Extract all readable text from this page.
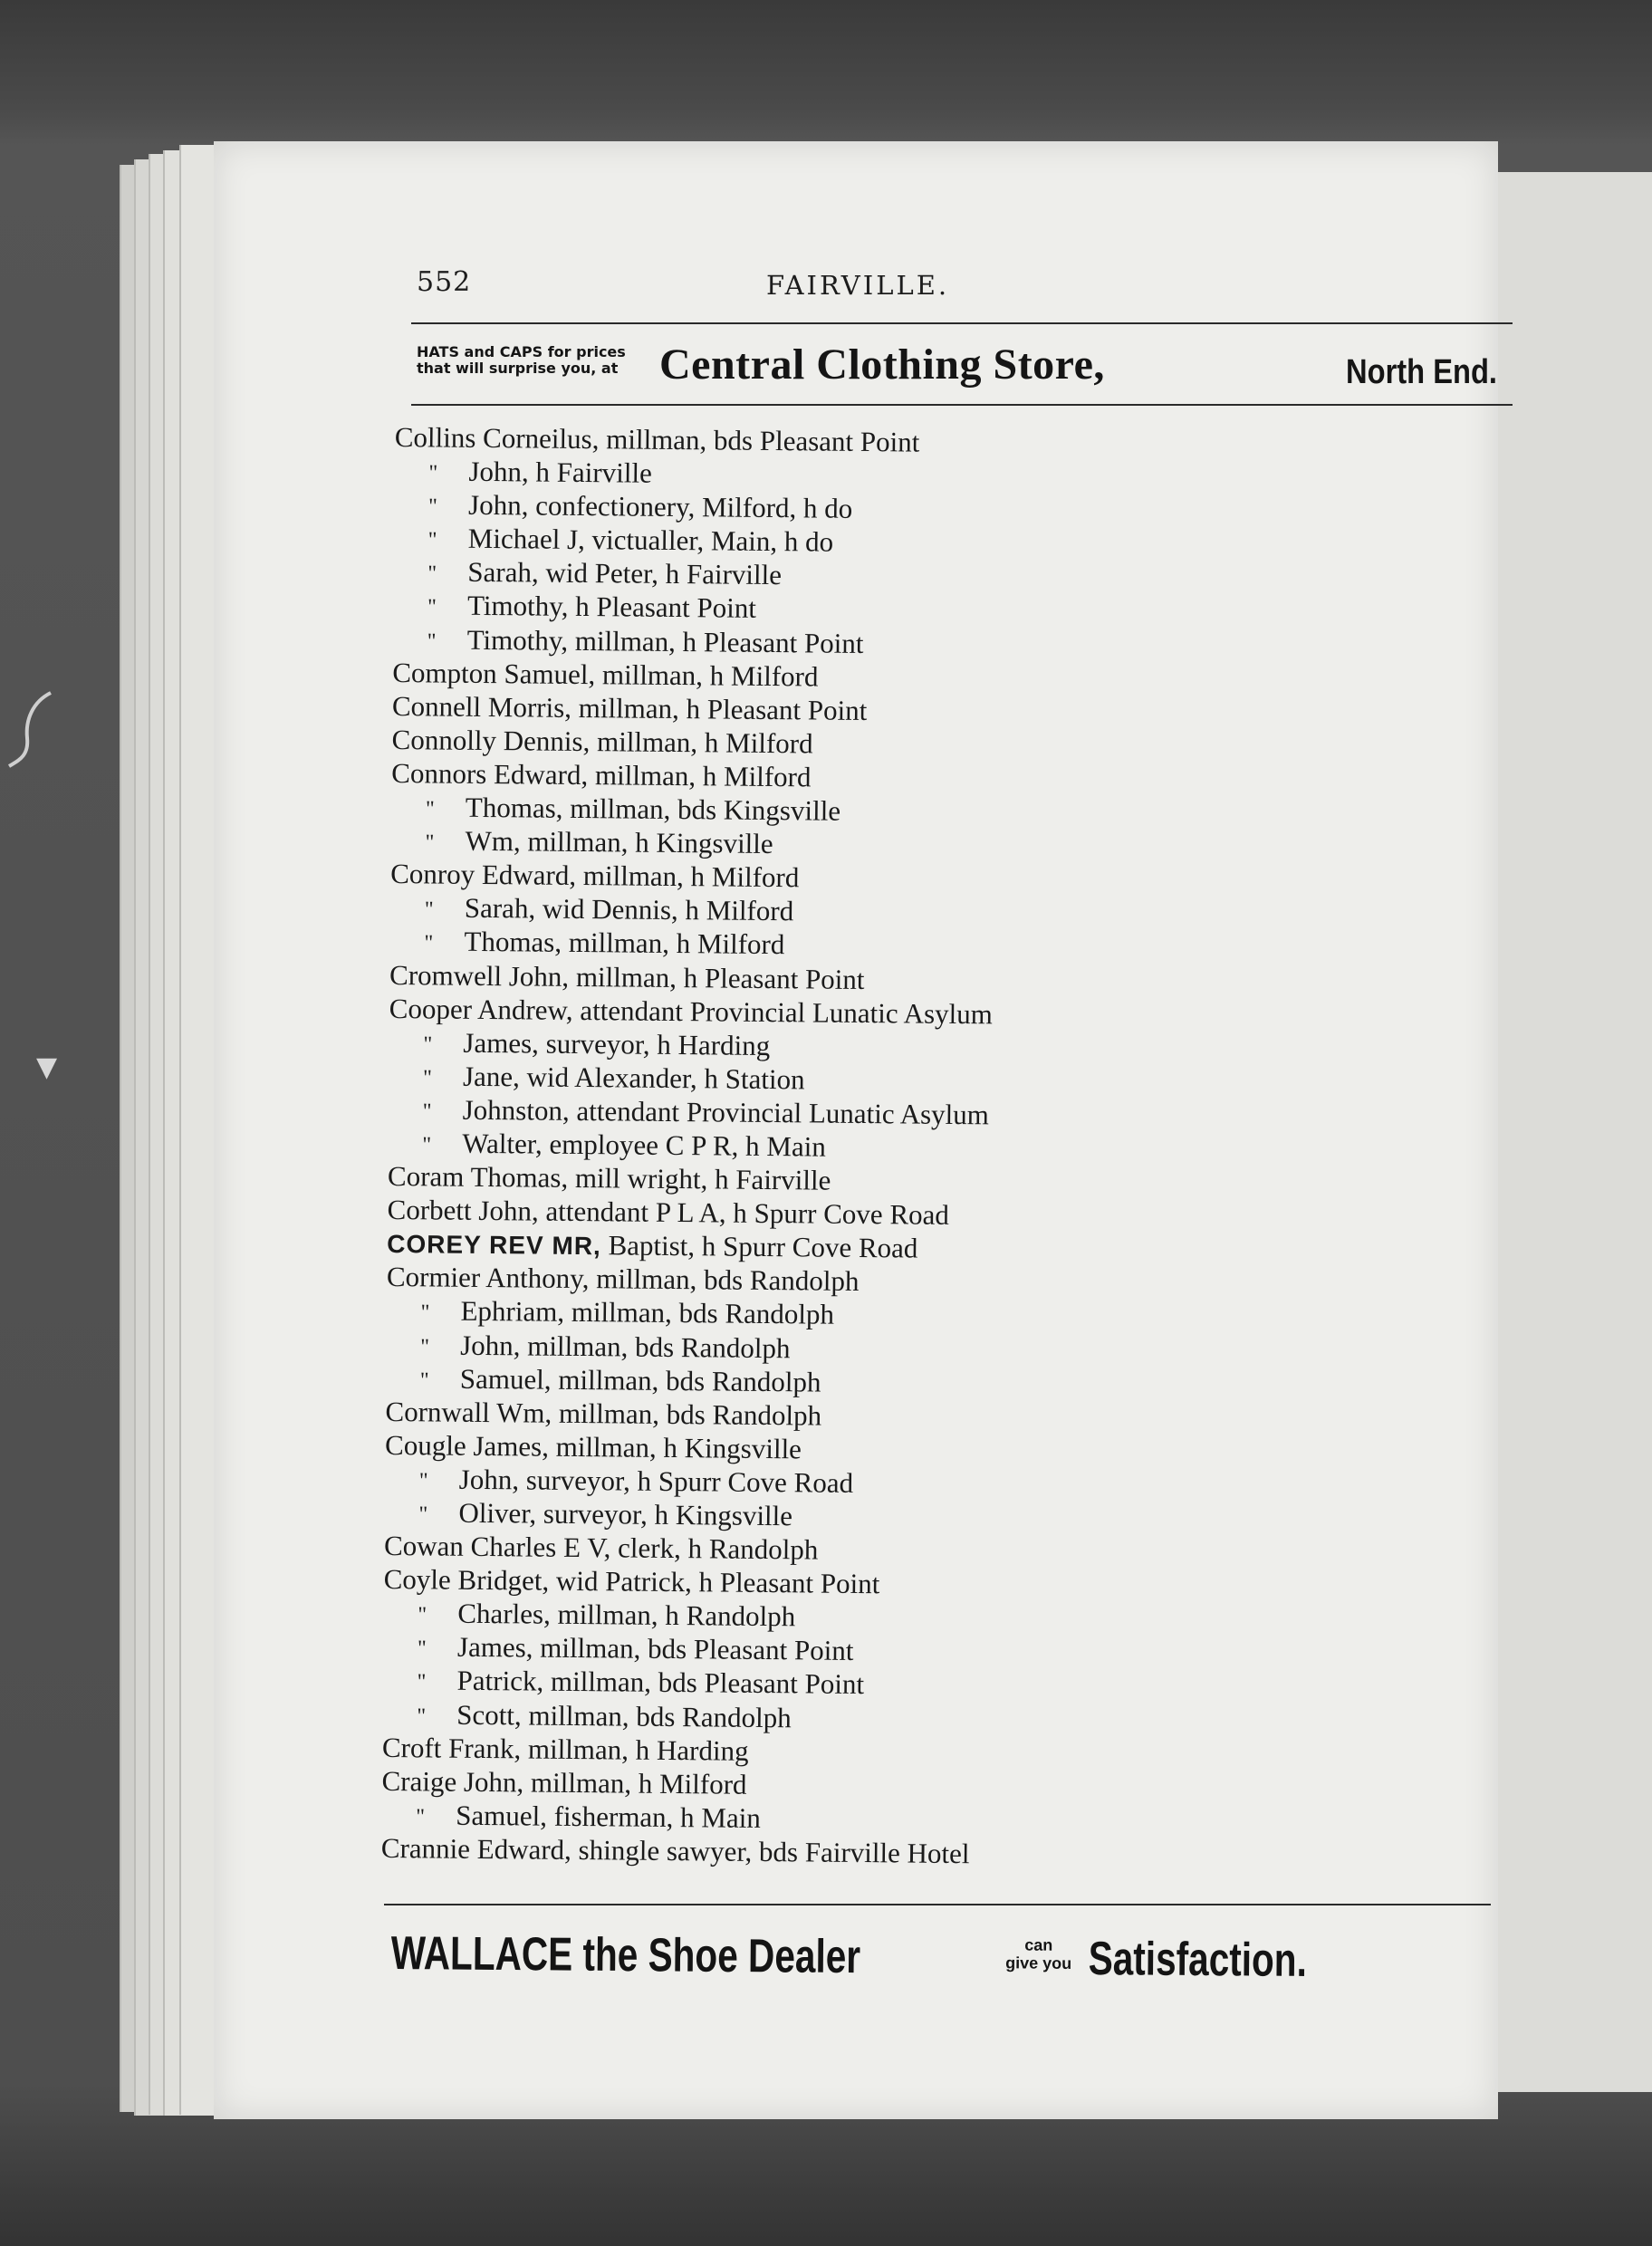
▼
552	FAIRVILLE.
HATS and CAPS for prices
that will surprise you, at Central Clothing Store,	North End.
Collins Corneilus, millman, bds Pleasant Point
" John, h Fairville
" John, confectionery, Milford, h do
" Michael J, victualler, Main, h do
" Sarah, wid Peter, h Fairville
" Timothy, h Pleasant Point
" Timothy, millman, h Pleasant Point
Compton Samuel, millman, h Milford
Connell Morris, millman, h Pleasant Point
Connolly Dennis, millman, h Milford
Connors Edward, millman, h Milford
" Thomas, millman, bds Kingsville
" Wm, millman, h Kingsville
Conroy Edward, millman, h Milford
" Sarah, wid Dennis, h Milford
" Thomas, millman, h Milford
Cromwell John, millman, h Pleasant Point
Cooper Andrew, attendant Provincial Lunatic Asylum
" James, surveyor, h Harding
" Jane, wid Alexander, h Station
" Johnston, attendant Provincial Lunatic Asylum
" Walter, employee C P R, h Main
Coram Thomas, mill wright, h Fairville
Corbett John, attendant P L A, h Spurr Cove Road
COREY REV MR, Baptist, h Spurr Cove Road
Cormier Anthony, millman, bds Randolph
" Ephriam, millman, bds Randolph
" John, millman, bds Randolph
" Samuel, millman, bds Randolph
Cornwall Wm, millman, bds Randolph
Cougle James, millman, h Kingsville
" John, surveyor, h Spurr Cove Road
" Oliver, surveyor, h Kingsville
Cowan Charles E V, clerk, h Randolph
Coyle Bridget, wid Patrick, h Pleasant Point
" Charles, millman, h Randolph
" James, millman, bds Pleasant Point
" Patrick, millman, bds Pleasant Point
" Scott, millman, bds Randolph
Croft Frank, millman, h Harding
Craige John, millman, h Milford
" Samuel, fisherman, h Main
Crannie Edward, shingle sawyer, bds Fairville Hotel
WALLACE the Shoe Dealer	can
give you Satisfaction.
